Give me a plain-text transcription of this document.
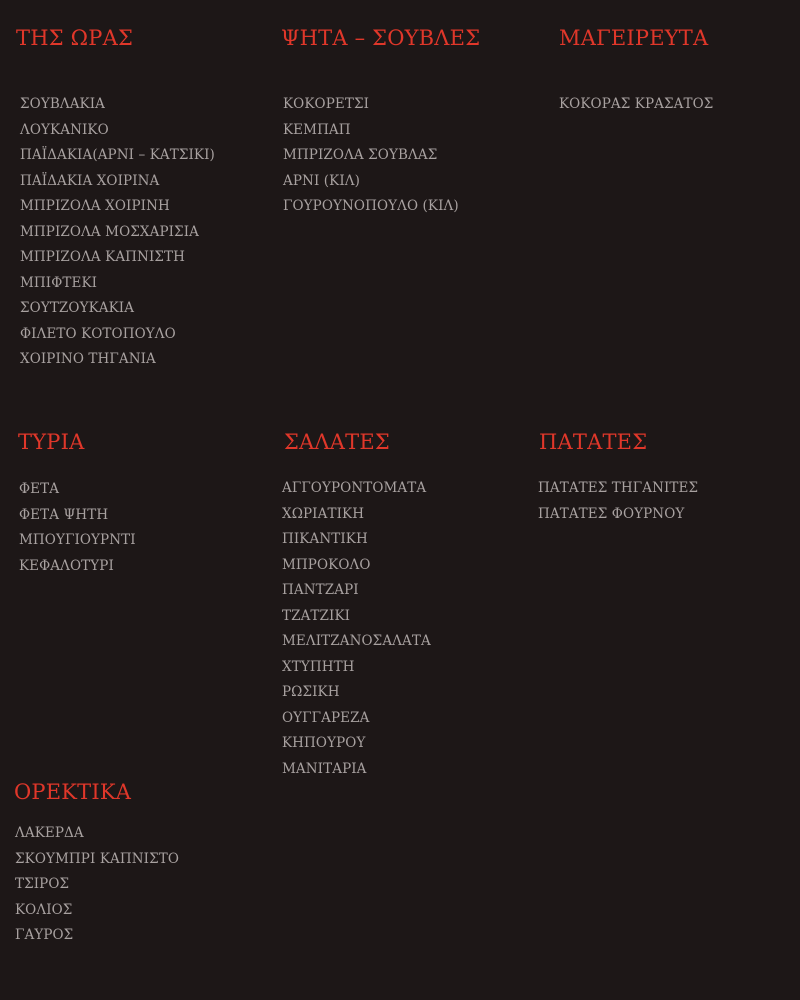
ΤΗΣ ΩΡΑΣ
ΣΟΥΒΛΑΚΙΑ
ΛΟΥΚΑΝΙΚΟ
ΠΑΪΔΑΚΙΑ(ΑΡΝΙ – ΚΑΤΣΙΚΙ)
ΠΑΪΔΑΚΙΑ ΧΟΙΡΙΝΑ
ΜΠΡΙΖΟΛΑ ΧΟΙΡΙΝΗ
ΜΠΡΙΖΟΛΑ ΜΟΣΧΑΡΙΣΙΑ
ΜΠΡΙΖΟΛΑ ΚΑΠΝΙΣΤΗ
ΜΠΙΦΤΕΚΙ
ΣΟΥΤΖΟΥΚΑΚΙΑ
ΦΙΛΕΤΟ ΚΟΤΟΠΟΥΛΟ
ΧΟΙΡΙΝΟ ΤΗΓΑΝΙΑ
ΨΗΤΑ – ΣΟΥΒΛΕΣ
ΚΟΚΟΡΕΤΣΙ
ΚΕΜΠΑΠ
ΜΠΡΙΖΟΛΑ ΣΟΥΒΛΑΣ
ΑΡΝΙ (ΚΙΛ)
ΓΟΥΡΟΥΝΟΠΟΥΛΟ (ΚΙΛ)
ΜΑΓΕΙΡΕΥΤΑ
ΚΟΚΟΡΑΣ ΚΡΑΣΑΤΟΣ
ΤΥΡΙΑ
ΦΕΤΑ
ΦΕΤΑ ΨΗΤΗ
ΜΠΟΥΓΙΟΥΡΝΤΙ
ΚΕΦΑΛΟΤΥΡΙ
ΣΑΛΑΤΕΣ
ΑΓΓΟΥΡΟΝΤΟΜΑΤΑ
ΧΩΡΙΑΤΙΚΗ
ΠΙΚΑΝΤΙΚΗ
ΜΠΡΟΚΟΛΟ
ΠΑΝΤΖΑΡΙ
ΤΖΑΤΖΙΚΙ
ΜΕΛΙΤΖΑΝΟΣΑΛΑΤΑ
ΧΤΥΠΗΤΗ
ΡΩΣΙΚΗ
ΟΥΓΓΑΡΕΖΑ
ΚΗΠΟΥΡΟΥ
ΜΑΝΙΤΑΡΙΑ
ΠΑΤΑΤΕΣ
ΠΑΤΑΤΕΣ ΤΗΓΑΝΙΤΕΣ
ΠΑΤΑΤΕΣ ΦΟΥΡΝΟΥ
ΟΡΕΚΤΙΚΑ
ΛΑΚΕΡΔΑ
ΣΚΟΥΜΠΡΙ ΚΑΠΝΙΣΤΟ
ΤΣΙΡΟΣ
ΚΟΛΙΟΣ
ΓΑΥΡΟΣ
